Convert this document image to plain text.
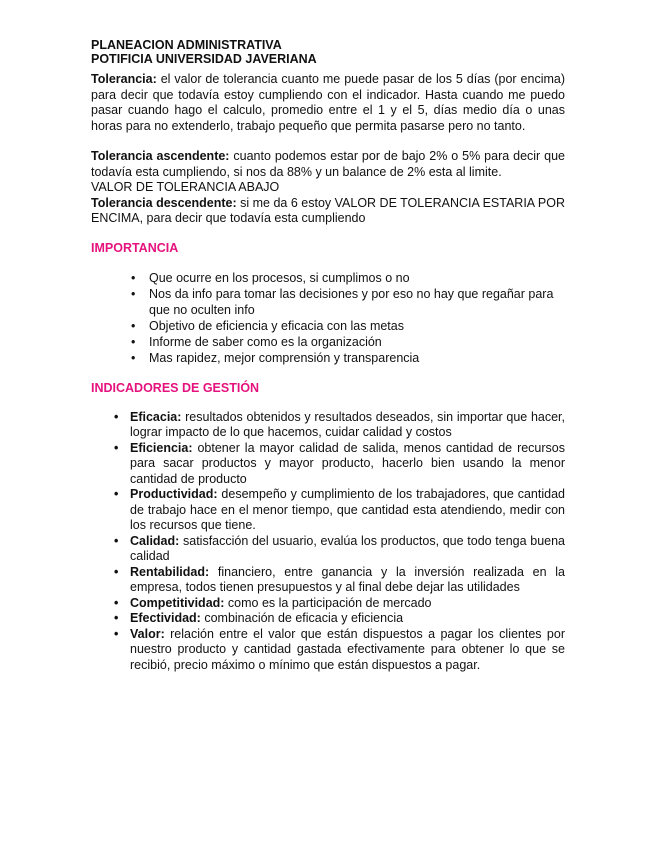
PLANEACION ADMINISTRATIVA
POTIFICIA UNIVERSIDAD JAVERIANA

Tolerancia: el valor de tolerancia cuanto me puede pasar de los 5 días (por encima) para decir que todavía estoy cumpliendo con el indicador. Hasta cuando me puedo pasar cuando hago el calculo, promedio entre el 1 y el 5, días medio día o unas horas para no extenderlo, trabajo pequeño que permita pasarse pero no tanto.

Tolerancia ascendente: cuanto podemos estar por de bajo 2% o 5% para decir que todavía esta cumpliendo, si nos da 88% y un balance de 2% esta al limite.

VALOR DE TOLERANCIA ABAJO

Tolerancia descendente: si me da 6 estoy VALOR DE TOLERANCIA ESTARIA POR ENCIMA, para decir que todavía esta cumpliendo

IMPORTANCIA
• Que ocurre en los procesos, si cumplimos o no
• Nos da info para tomar las decisiones y por eso no hay que regañar para que no oculten info
• Objetivo de eficiencia y eficacia con las metas
• Informe de saber como es la organización
• Mas rapidez, mejor comprensión y transparencia
INDICADORES DE GESTIÓN
• Eficacia: resultados obtenidos y resultados deseados, sin importar que hacer, lograr impacto de lo que hacemos, cuidar calidad y costos
• Eficiencia: obtener la mayor calidad de salida, menos cantidad de recursos para sacar productos y mayor producto, hacerlo bien usando la menor cantidad de producto
• Productividad: desempeño y cumplimiento de los trabajadores, que cantidad de trabajo hace en el menor tiempo, que cantidad esta atendiendo, medir con los recursos que tiene.
• Calidad: satisfacción del usuario, evalúa los productos, que todo tenga buena calidad
• Rentabilidad: financiero, entre ganancia y la inversión realizada en la empresa, todos tienen presupuestos y al final debe dejar las utilidades
• Competitividad: como es la participación de mercado
• Efectividad: combinación de eficacia y eficiencia
• Valor: relación entre el valor que están dispuestos a pagar los clientes por nuestro producto y cantidad gastada efectivamente para obtener lo que se recibió, precio máximo o mínimo que están dispuestos a pagar.
